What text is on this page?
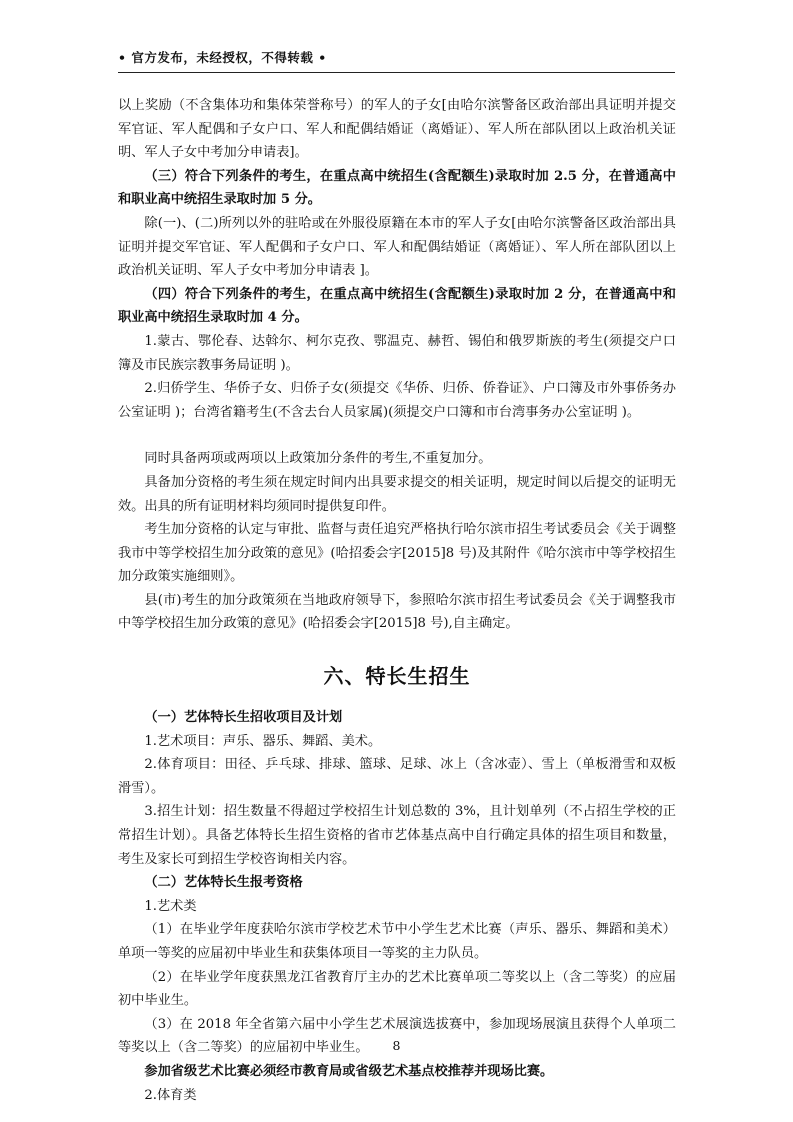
• 官方发布，未经授权，不得转载 •

以上奖励（不含集体功和集体荣誉称号）的军人的子女[由哈尔滨警备区政治部出具证明并提交军官证、军人配偶和子女户口、军人和配偶结婚证（离婚证）、军人所在部队团以上政治机关证明、军人子女中考加分申请表]。

（三）符合下列条件的考生，在重点高中统招生(含配额生)录取时加 2.5 分，在普通高中和职业高中统招生录取时加 5 分。

除(一)、(二)所列以外的驻哈或在外服役原籍在本市的军人子女[由哈尔滨警备区政治部出具证明并提交军官证、军人配偶和子女户口、军人和配偶结婚证（离婚证）、军人所在部队团以上政治机关证明、军人子女中考加分申请表 ]。

（四）符合下列条件的考生，在重点高中统招生(含配额生)录取时加 2 分，在普通高中和职业高中统招生录取时加 4 分。

1.蒙古、鄂伦春、达斡尔、柯尔克孜、鄂温克、赫哲、锡伯和俄罗斯族的考生(须提交户口簿及市民族宗教事务局证明 )。

2.归侨学生、华侨子女、归侨子女(须提交《华侨、归侨、侨眷证》、户口簿及市外事侨务办公室证明 )；台湾省籍考生(不含去台人员家属)(须提交户口簿和市台湾事务办公室证明 )。

同时具备两项或两项以上政策加分条件的考生,不重复加分。

具备加分资格的考生须在规定时间内出具要求提交的相关证明，规定时间以后提交的证明无效。出具的所有证明材料均须同时提供复印件。

考生加分资格的认定与审批、监督与责任追究严格执行哈尔滨市招生考试委员会《关于调整我市中等学校招生加分政策的意见》(哈招委会字[2015]8 号)及其附件《哈尔滨市中等学校招生加分政策实施细则》。

县(市)考生的加分政策须在当地政府领导下，参照哈尔滨市招生考试委员会《关于调整我市中等学校招生加分政策的意见》(哈招委会字[2015]8 号),自主确定。

六、特长生招生

（一）艺体特长生招收项目及计划

1.艺术项目：声乐、器乐、舞蹈、美术。

2.体育项目：田径、乒乓球、排球、篮球、足球、冰上（含冰壶）、雪上（单板滑雪和双板滑雪）。

3.招生计划：招生数量不得超过学校招生计划总数的 3%，且计划单列（不占招生学校的正常招生计划）。具备艺体特长生招生资格的省市艺体基点高中自行确定具体的招生项目和数量，考生及家长可到招生学校咨询相关内容。

（二）艺体特长生报考资格

1.艺术类

（1）在毕业学年度获哈尔滨市学校艺术节中小学生艺术比赛（声乐、器乐、舞蹈和美术）单项一等奖的应届初中毕业生和获集体项目一等奖的主力队员。

（2）在毕业学年度获黑龙江省教育厅主办的艺术比赛单项二等奖以上（含二等奖）的应届初中毕业生。

（3）在 2018 年全省第六届中小学生艺术展演选拔赛中，参加现场展演且获得个人单项二等奖以上（含二等奖）的应届初中毕业生。

参加省级艺术比赛必须经市教育局或省级艺术基点校推荐并现场比赛。

2.体育类

8
